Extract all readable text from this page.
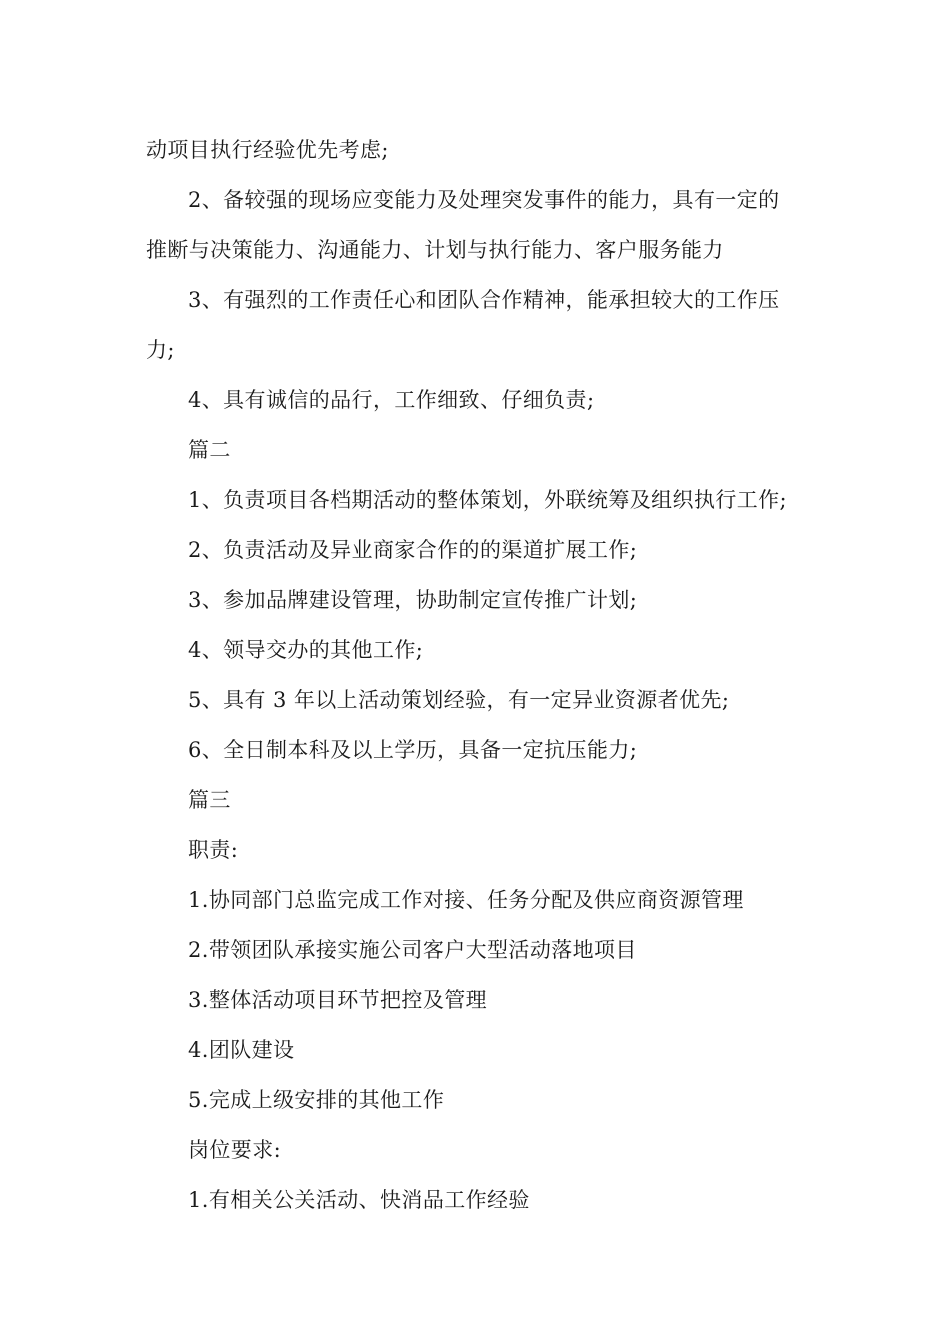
动项目执行经验优先考虑;
2、备较强的现场应变能力及处理突发事件的能力，具有一定的
推断与决策能力、沟通能力、计划与执行能力、客户服务能力
3、有强烈的工作责任心和团队合作精神，能承担较大的工作压
力;
4、具有诚信的品行，工作细致、仔细负责;
篇二
1、负责项目各档期活动的整体策划，外联统筹及组织执行工作;
2、负责活动及异业商家合作的的渠道扩展工作;
3、参加品牌建设管理，协助制定宣传推广计划;
4、领导交办的其他工作;
5、具有 3 年以上活动策划经验，有一定异业资源者优先;
6、全日制本科及以上学历，具备一定抗压能力;
篇三
职责:
1.协同部门总监完成工作对接、任务分配及供应商资源管理
2.带领团队承接实施公司客户大型活动落地项目
3.整体活动项目环节把控及管理
4.团队建设
5.完成上级安排的其他工作
岗位要求:
1.有相关公关活动、快消品工作经验
